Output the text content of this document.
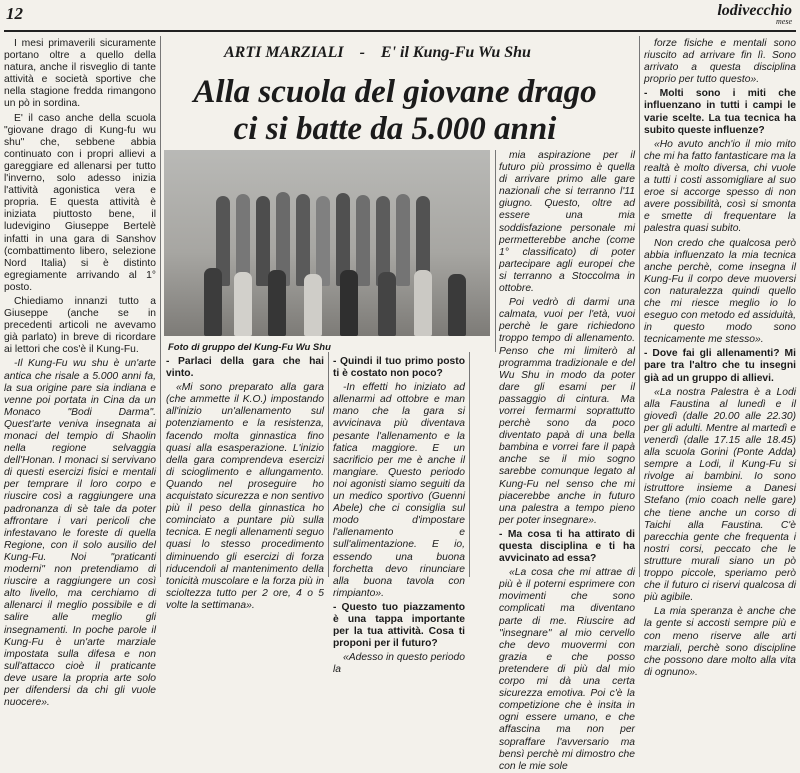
12	lodivecchio
mese
ARTI MARZIALI - E' il Kung-Fu Wu Shu
Alla scuola del giovane drago
ci si batte da 5.000 anni
Foto di gruppo del Kung-Fu Wu Shu

I mesi primaverili sicuramente portano oltre a quello della natura, anche il risveglio di tante attività e società sportive che nella stagione fredda rimangono un pò in sordina.

E' il caso anche della scuola "giovane drago di Kung-fu wu shu" che, sebbene abbia continuato con i propri allievi a gareggiare ed allenarsi per tutto l'inverno, solo adesso inizia l'attività agonistica vera e propria. E questa attività è iniziata piuttosto bene, il ludevigino Giuseppe Bertelè infatti in una gara di Sanshov (combattimento libero, selezione Nord Italia) si è distinto egregiamente arrivando al 1° posto.

Chiediamo innanzi tutto a Giuseppe (anche se in precedenti articoli ne avevamo già parlato) in breve di ricordare ai lettori che cos'è il Kung-Fu.

-Il Kung-Fu wu shu è un'arte antica che risale a 5.000 anni fa, la sua origine pare sia indiana e venne poi portata in Cina da un Monaco "Bodi Darma". Quest'arte veniva insegnata ai monaci del tempio di Shaolin nella regione selvaggia dell'Honan. I monaci si servivano di questi esercizi fisici e mentali per temprare il loro corpo e riuscire così a raggiungere una padronanza di sè tale da poter affrontare i vari pericoli che infestavano le foreste di quella Regione, con il solo ausilio del Kung-Fu. Noi "praticanti moderni" non pretendiamo di riuscire a raggiungere un così alto livello, ma cerchiamo di allenarci il meglio possibile e di salire alle meglio gli insegnamenti. In poche parole il Kung-Fu è un'arte marziale impostata sulla difesa e non sull'attacco cioè il praticante deve usare la propria arte solo per difendersi da chi gli vuole nuocere».

- Parlaci della gara che hai vinto.

«Mi sono preparato alla gara (che ammette il K.O.) impostando all'inizio un'allenamento sul potenziamento e la resistenza, facendo molta ginnastica fino quasi alla esasperazione. L'inizio della gara comprendeva esercizi di scioglimento e allungamento. Quando nel proseguire ho acquistato sicurezza e non sentivo più il peso della ginnastica ho cominciato a puntare più sulla tecnica. E negli allenamenti seguo quasi lo stesso procedimento diminuendo gli esercizi di forza riducendoli al mantenimento della tonicità muscolare e la forza più in scioltezza tutto per 2 ore, 4 o 5 volte la settimana».

- Quindi il tuo primo posto ti è costato non poco?

-In effetti ho iniziato ad allenarmi ad ottobre e man mano che la gara si avvicinava più diventava pesante l'allenamento e la fatica maggiore. E un sacrificio per me è anche il mangiare. Questo periodo noi agonisti siamo seguiti da un medico sportivo (Guenni Abele) che ci consiglia sul modo d'impostare l'allenamento e sull'alimentazione. E io, essendo una buona forchetta devo rinunciare alla buona tavola con rimpianto».

- Questo tuo piazzamento è una tappa importante per la tua attività. Cosa ti proponi per il futuro?

«Adesso in questo periodo la

mia aspirazione per il futuro più prossimo è quella di arrivare primo alle gare nazionali che si terranno l'11 giugno. Questo, oltre ad essere una mia soddisfazione personale mi permetterebbe anche (come 1° classificato) di poter partecipare agli europei che si terranno a Stoccolma in ottobre.

Poi vedrò di darmi una calmata, vuoi per l'età, vuoi perchè le gare richiedono troppo tempo di allenamento. Penso che mi limiterò al programma tradizionale e del Wu Shu in modo da poter dare gli esami per il passaggio di cintura. Ma vorrei fermarmi soprattutto perchè sono da poco diventato papà di una bella bambina e vorrei fare il papà anche se il mio sogno sarebbe comunque legato al Kung-Fu nel senso che mi piacerebbe anche in futuro una palestra a tempo pieno per poter insegnare».

- Ma cosa ti ha attirato di questa disciplina e ti ha avvicinato ad essa?

«La cosa che mi attrae di più è il poterni esprimere con movimenti che sono complicati ma diventano parte di me. Riuscire ad "insegnare" al mio cervello che devo muovermi con grazia e che posso pretendere di più dal mio corpo mi dà una certa sicurezza emotiva. Poi c'è la competizione che è insita in ogni essere umano, e che affascina ma non per sopraffare l'avversario ma bensì perchè mi dimostro che con le mie sole

forze fisiche e mentali sono riuscito ad arrivare fin lì. Sono arrivato a questa disciplina proprio per tutto questo».

- Molti sono i miti che influenzano in tutti i campi le varie scelte. La tua tecnica ha subito queste influenze?

«Ho avuto anch'io il mio mito che mi ha fatto fantasticare ma la realtà è molto diversa, chi vuole a tutti i costi assomigliare al suo eroe si accorge spesso di non avere possibilità, così si smonta e smette di frequentare la palestra quasi subito.

Non credo che qualcosa però abbia influenzato la mia tecnica anche perchè, come insegna il Kung-Fu il corpo deve muoversi con naturalezza quindi quello che mi riesce meglio io lo eseguo con metodo ed assiduità, in questo modo sono tecnicamente me stesso».

- Dove fai gli allenamenti? Mi pare tra l'altro che tu insegni già ad un gruppo di allievi.

«La nostra Palestra è a Lodi alla Faustina al lunedì e il giovedì (dalle 20.00 alle 22.30) per gli adulti. Mentre al martedì e venerdì (dalle 17.15 alle 18.45) alla scuola Gorini (Ponte Adda) sempre a Lodi, il Kung-Fu si rivolge ai bambini. Io sono istruttore insieme a Danesi Stefano (mio coach nelle gare) che tiene anche un corso di Taichi alla Faustina. C'è parecchia gente che frequenta i nostri corsi, peccato che le strutture murali siano un pò troppo piccole, speriamo però che il futuro ci riservi qualcosa di più agibile.

La mia speranza è anche che la gente si accosti sempre più e con meno riserve alle arti marziali, perchè sono discipline che possono dare molto alla vita di ognuno».
